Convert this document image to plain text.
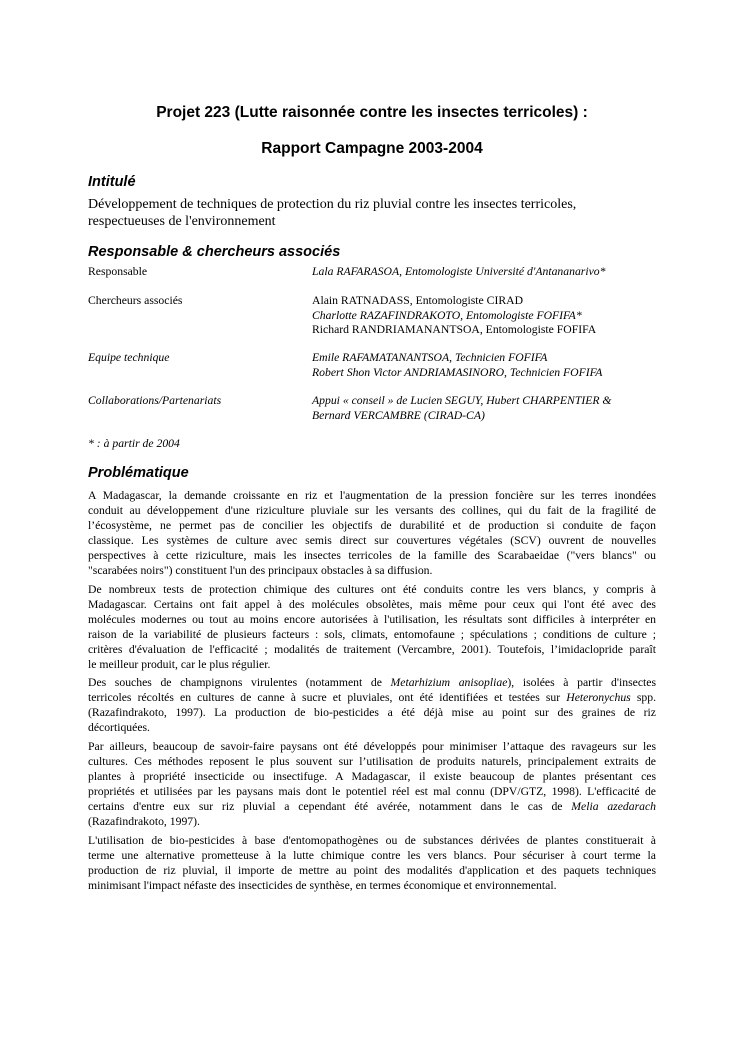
Projet 223 (Lutte raisonnée contre les insectes terricoles) :
Rapport Campagne 2003-2004
Intitulé
Développement de techniques de protection du riz pluvial contre les insectes terricoles,
respectueuses de l'environnement
Responsable & chercheurs associés
Responsable	Lala RAFARASOA, Entomologiste Université d'Antananarivo*
Chercheurs associés	Alain RATNADASS, Entomologiste CIRAD
Charlotte RAZAFINDRAKOTO, Entomologiste FOFIFA*
Richard RANDRIAMANANTSOA, Entomologiste FOFIFA
Equipe technique	Emile RAFAMATANANTSOA, Technicien FOFIFA
Robert Shon Victor ANDRIAMASINORO, Technicien FOFIFA
Collaborations/Partenariats	Appui « conseil » de Lucien SEGUY, Hubert CHARPENTIER &
Bernard VERCAMBRE (CIRAD-CA)
* : à partir de 2004
Problématique
A Madagascar, la demande croissante en riz et l'augmentation de la pression foncière sur les terres inondées
conduit au développement d'une riziculture pluviale sur les versants des collines, qui du fait de la fragilité de
l’écosystème, ne permet pas de concilier les objectifs de durabilité et de production si conduite de façon
classique. Les systèmes de culture avec semis direct sur couvertures végétales (SCV) ouvrent de nouvelles
perspectives à cette riziculture, mais les insectes terricoles de la famille des Scarabaeidae ("vers blancs" ou
"scarabées noirs") constituent l'un des principaux obstacles à sa diffusion.
De nombreux tests de protection chimique des cultures ont été conduits contre les vers blancs, y compris à
Madagascar. Certains ont fait appel à des molécules obsolètes, mais même pour ceux qui l'ont été avec des
molécules modernes ou tout au moins encore autorisées à l'utilisation, les résultats sont difficiles à interpréter en
raison de la variabilité de plusieurs facteurs : sols, climats, entomofaune ; spéculations ; conditions de culture ;
critères d'évaluation de l'efficacité ; modalités de traitement (Vercambre, 2001). Toutefois, l’imidaclopride paraît
le meilleur produit, car le plus régulier.
Des souches de champignons virulentes (notamment de Metarhizium anisopliae), isolées à partir d'insectes
terricoles récoltés en cultures de canne à sucre et pluviales, ont été identifiées et testées sur Heteronychus spp.
(Razafindrakoto, 1997). La production de bio-pesticides a été déjà mise au point sur des graines de riz
décortiquées.
Par ailleurs, beaucoup de savoir-faire paysans ont été développés pour minimiser l’attaque des ravageurs sur les
cultures. Ces méthodes reposent le plus souvent sur l’utilisation de produits naturels, principalement extraits de
plantes à propriété insecticide ou insectifuge. A Madagascar, il existe beaucoup de plantes présentant ces
propriétés et utilisées par les paysans mais dont le potentiel réel est mal connu (DPV/GTZ, 1998). L'efficacité de
certains d'entre eux sur riz pluvial a cependant été avérée, notamment dans le cas de Melia azedarach
(Razafindrakoto, 1997).
L'utilisation de bio-pesticides à base d'entomopathogènes ou de substances dérivées de plantes constituerait à
terme une alternative prometteuse à la lutte chimique contre les vers blancs. Pour sécuriser à court terme la
production de riz pluvial, il importe de mettre au point des modalités d'application et des paquets techniques
minimisant l'impact néfaste des insecticides de synthèse, en termes économique et environnemental.
